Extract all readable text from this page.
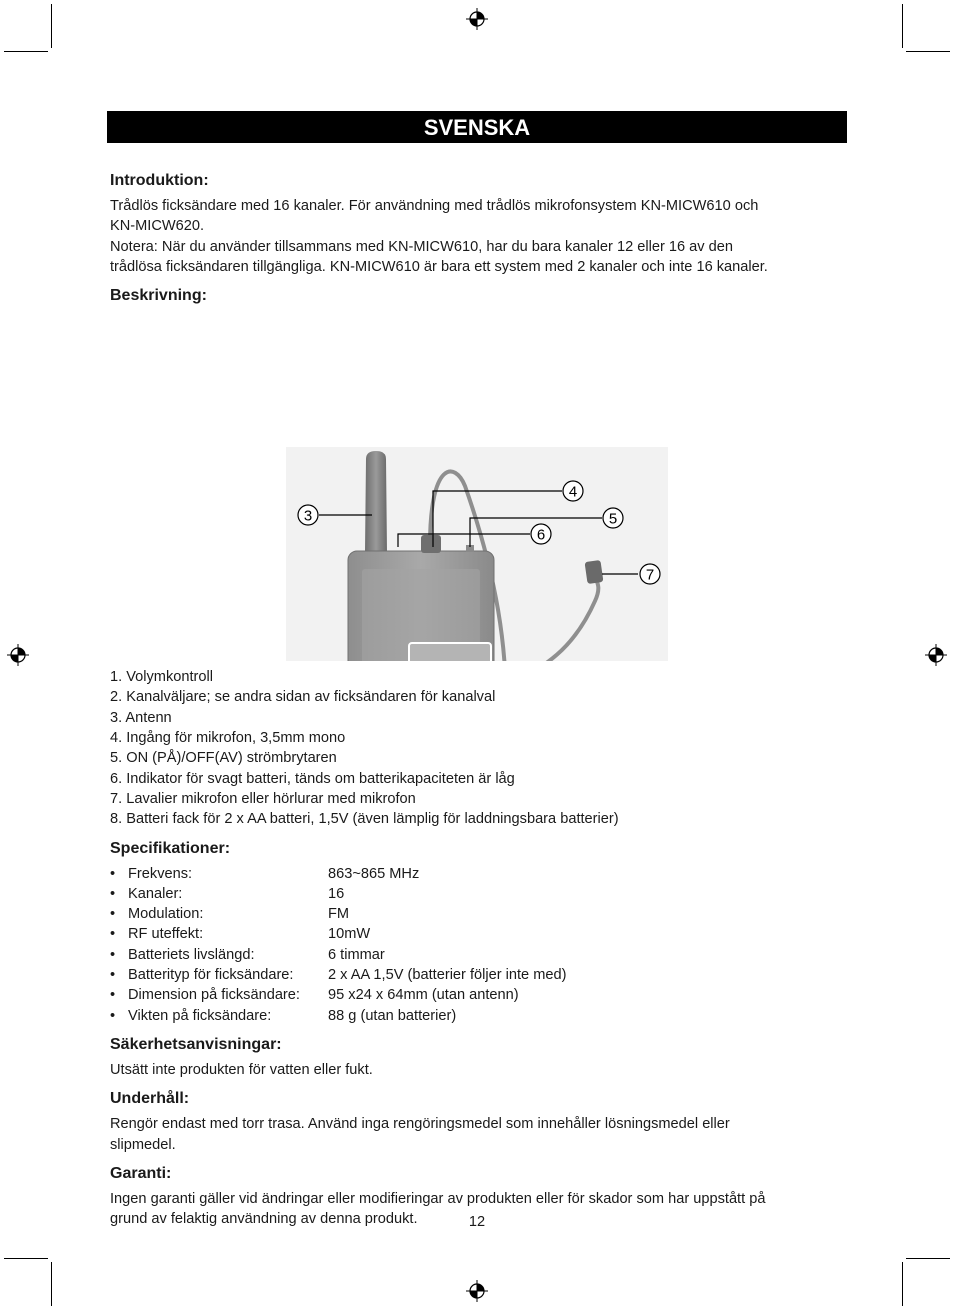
SVENSKA
Introduktion:

Trådlös ficksändare med 16 kanaler. För användning med trådlös mikrofonsystem KN-MICW610 och

KN-MICW620.

Notera: När du använder tillsammans med KN-MICW610, har du bara kanaler 12 eller 16 av den

trådlösa ficksändaren tillgängliga. KN-MICW610 är bara ett system med 2 kanaler och inte 16 kanaler.

Beskrivning:
3
4
5
6
7
1. Volymkontroll
2. Kanalväljare; se andra sidan av ficksändaren för kanalval
3. Antenn
4. Ingång för mikrofon, 3,5mm mono
5. ON (PÅ)/OFF(AV) strömbrytaren
6. Indikator för svagt batteri, tänds om batterikapaciteten är låg
7. Lavalier mikrofon eller hörlurar med mikrofon
8. Batteri fack för 2 x AA batteri, 1,5V (även lämplig för laddningsbara batterier)
Specifikationer:
• Frekvens:	863~865 MHz
• Kanaler:	16
• Modulation:	FM
• RF uteffekt:	10mW
• Batteriets livslängd:	6 timmar
• Batterityp för ficksändare:	2 x AA 1,5V (batterier följer inte med)
• Dimension på ficksändare:	95 x24 x 64mm (utan antenn)
• Vikten på ficksändare:	88 g (utan batterier)
Säkerhetsanvisningar:

Utsätt inte produkten för vatten eller fukt.

Underhåll:

Rengör endast med torr trasa. Använd inga rengöringsmedel som innehåller lösningsmedel eller

slipmedel.

Garanti:

Ingen garanti gäller vid ändringar eller modifieringar av produkten eller för skador som har uppstått på

grund av felaktig användning av denna produkt.	12
